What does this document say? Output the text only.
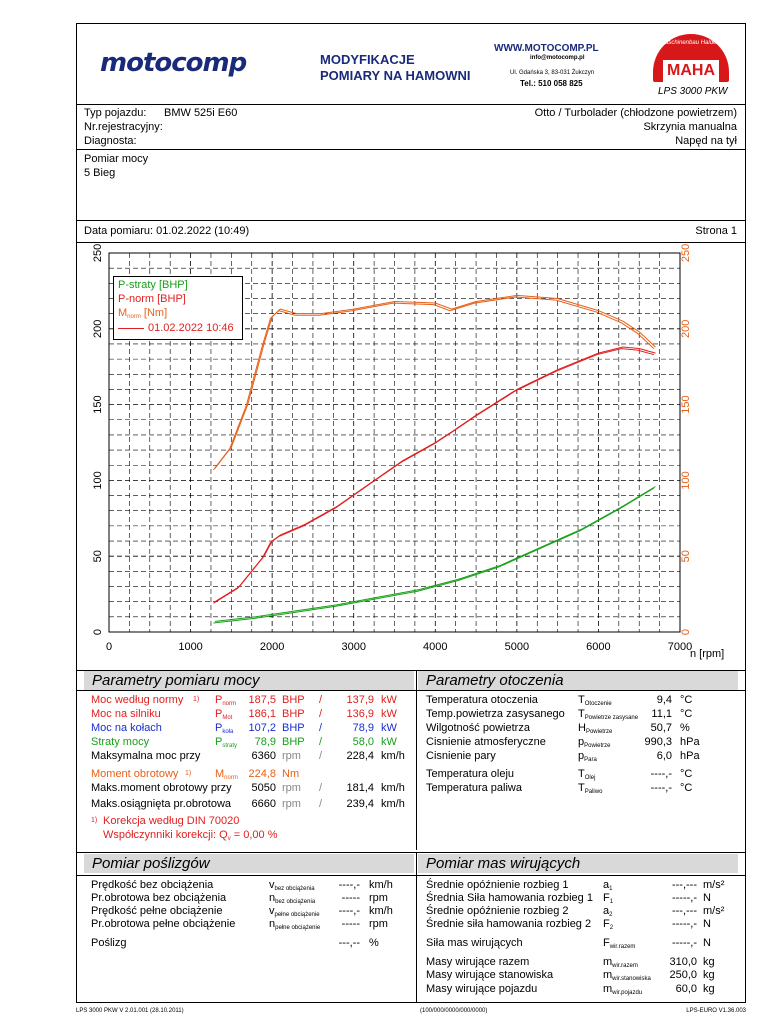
motocomp	MODYFIKACJE
POMIARY NA HAMOWNI
WWW.MOTOCOMP.PL
info@motocomp.pl
Ul. Gdańska 3, 83-031 Żukczyn
Tel.: 510 058 825
Maschinenbau Haldenwang
MAHA
LPS 3000 PKW
Typ pojazdu: BMW 525i E60
Nr.rejestracyjny:
Diagnosta:
Otto / Turbolader (chłodzone powietrzem)
Skrzynia manualna
Napęd na tył
Pomiar mocy
5 Bieg
Data pomiaru: 01.02.2022 (10:49)	Strona 1
0	1000	2000	3000	4000	5000	6000	7000
0	0
50	50
100	100
150	150
200	200
250	250
P-straty [BHP]
P-norm [BHP]
$M_{norm}$ [Nm]
01.02.2022 10:46
n [rpm]
Parametry pomiaru mocy	Parametry otoczenia
Moc według normy 1) $P_{norm}$ 187,5 BHP / 137,9 kW
Moc na silniku	$P_{Mot}$ 186,1 BHP / 136,9 kW
Moc na kołach	$P_{koła}$ 107,2 BHP /	78,9 kW
Straty mocy	$P_{straty}$ 78,9 BHP /	58,0 kW
Maksymalna moc przy	6360 rpm / 228,4 km/h
Moment obrotowy 1) $M_{norm}$ 224,8 Nm
Maks.moment obrotowy przy 5050 rpm / 181,4 km/h
Maks.osiągnięta pr.obrotowa 6660 rpm / 239,4 km/h
Temperatura otoczenia	$T_{Otoczenie}$	9,4 °C
Temp.powietrza zasysanego $T_{Powietrze zasysane}$ 11,1 °C
Wilgotność powietrza	$H_{Powietrze}$	50,7 %
Cisnienie atmosferyczne	$p_{Powietrze}$	990,3 hPa
Cisnienie pary	$p_{Para}$	6,0 hPa
Temperatura oleju	$T_{Olej}$	----,- °C
Temperatura paliwa	$T_{Paliwo}$	----,- °C
1) Korekcja według DIN 70020
Współczynniki korekcji: $Q_v = 0,00$ %
Pomiar poślizgów	Pomiar mas wirujących
Prędkość bez obciążenia	$v_{bez obciążenia}$ ----,- km/h
Pr.obrotowa bez obciążenia	$n_{bez obciążenia}$ ----- rpm
Prędkość pełne obciążenie	$v_{pełne obciążenie}$ ----,- km/h
Pr.obrotowa pełne obciążenie	$n_{pełne obciążenie}$ ----- rpm
Poślizg	---,-- %
Średnie opóźnienie rozbieg 1	$a_1$	---,--- m/s²
Średnia Siła hamowania rozbieg 1 $F_1$	-----,- N
Średnie opóźnienie rozbieg 2	$a_2$	---,--- m/s²
Średnie siła hamowania rozbieg 2 $F_2$	-----,- N
Siła mas wirujących	$F_{wir.razem}$	-----,- N
Masy wirujące razem	$m_{wir.razem}$	310,0 kg
Masy wirujące stanowiska	$m_{wir.stanowiska}$ 250,0 kg
Masy wirujące pojazdu	$m_{wir.pojazdu}$	60,0 kg
LPS 3000 PKW V 2.01.001 (28.10.2011)	(100/000/0000/000/0000)	LPS-EURO V1.36.003
